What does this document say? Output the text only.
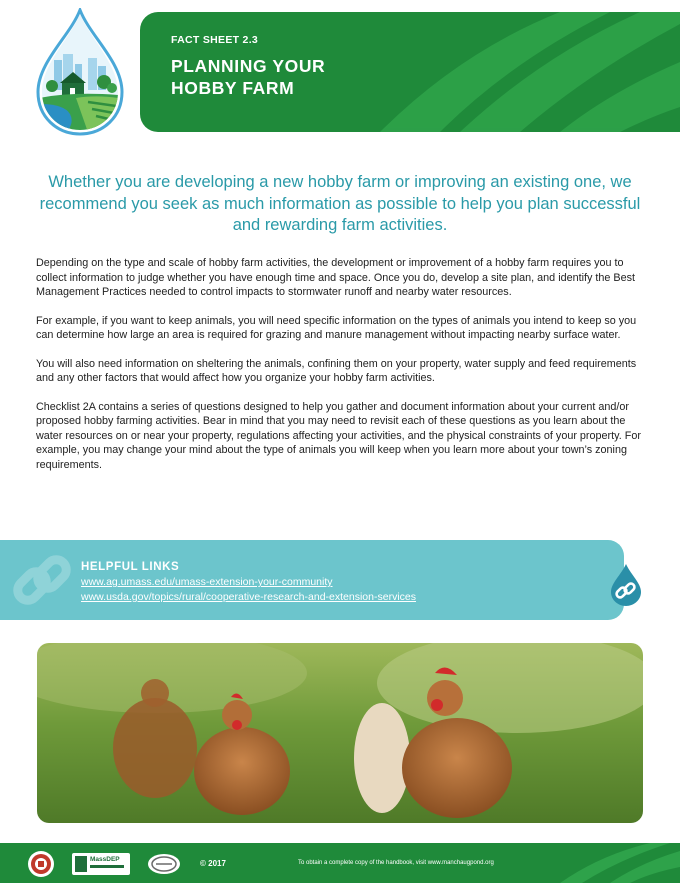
FACT SHEET 2.3
PLANNING YOUR HOBBY FARM
Whether you are developing a new hobby farm or improving an existing one, we recommend you seek as much information as possible to help you plan successful and rewarding farm activities.

Depending on the type and scale of hobby farm activities, the development or improvement of a hobby farm requires you to collect information to judge whether you have enough time and space. Once you do, develop a site plan, and identify the Best Management Practices needed to control impacts to stormwater runoff and nearby water resources.

For example, if you want to keep animals, you will need specific information on the types of animals you intend to keep so you can determine how large an area is required for grazing and manure management without impacting nearby surface water.

You will also need information on sheltering the animals, confining them on your property, water supply and feed requirements and any other factors that would affect how you organize your hobby farm activities.

Checklist 2A contains a series of questions designed to help you gather and document information about your current and/or proposed hobby farming activities. Bear in mind that you may need to revisit each of these questions as you learn about the water resources on or near your property, regulations affecting your activities, and the physical constraints of your property. For example, you may change your mind about the type of animals you will keep when you learn more about your town’s zoning requirements.

HELPFUL LINKS
www.ag.umass.edu/umass-extension-your-community
www.usda.gov/topics/rural/cooperative-research-and-extension-services
MassDEP	© 2017	To obtain a complete copy of the handbook, visit www.manchaugpond.org
